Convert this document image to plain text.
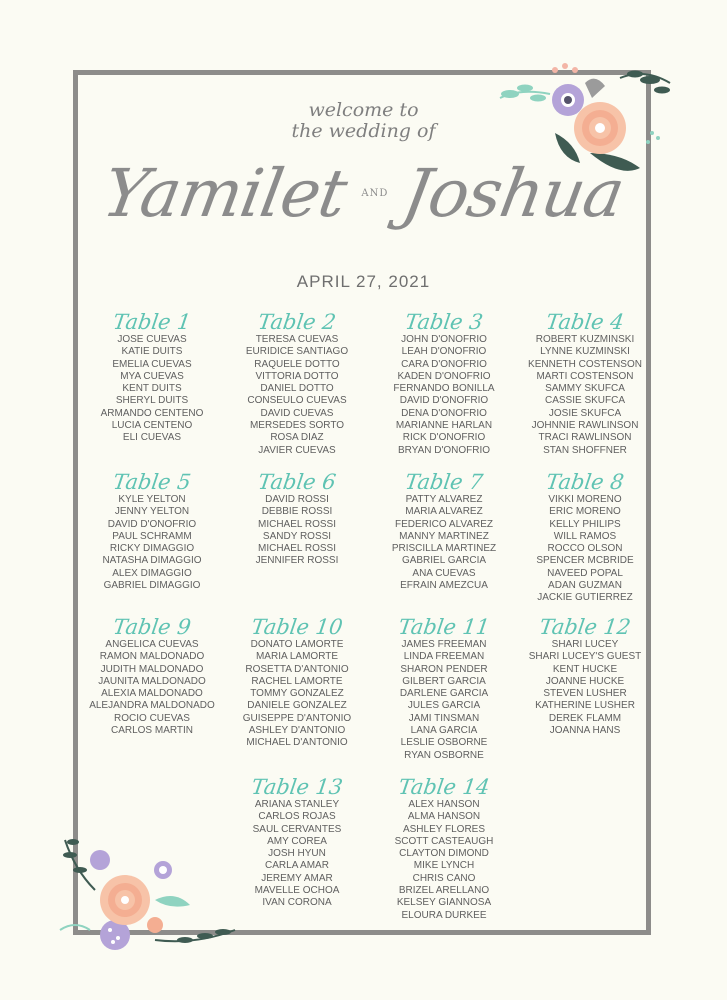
welcome to
the wedding of
Yamilet AND Joshua
APRIL 27, 2021
Table 1
JOSE CUEVAS
KATIE DUITS
EMELIA CUEVAS
MYA CUEVAS
KENT DUITS
SHERYL DUITS
ARMANDO CENTENO
LUCIA CENTENO
ELI CUEVAS
Table 2
TERESA CUEVAS
EURIDICE SANTIAGO
RAQUELE DOTTO
VITTORIA DOTTO
DANIEL DOTTO
CONSEULO CUEVAS
DAVID CUEVAS
MERSEDES SORTO
ROSA DIAZ
JAVIER CUEVAS
Table 3
JOHN D'ONOFRIO
LEAH D'ONOFRIO
CARA D'ONOFRIO
KADEN D'ONOFRIO
FERNANDO BONILLA
DAVID D'ONOFRIO
DENA D'ONOFRIO
MARIANNE HARLAN
RICK D'ONOFRIO
BRYAN D'ONOFRIO
Table 4
ROBERT KUZMINSKI
LYNNE KUZMINSKI
KENNETH COSTENSON
MARTI COSTENSON
SAMMY SKUFCA
CASSIE SKUFCA
JOSIE SKUFCA
JOHNNIE RAWLINSON
TRACI RAWLINSON
STAN SHOFFNER
Table 5
KYLE YELTON
JENNY YELTON
DAVID D'ONOFRIO
PAUL SCHRAMM
RICKY DIMAGGIO
NATASHA DIMAGGIO
ALEX DIMAGGIO
GABRIEL DIMAGGIO
Table 6
DAVID ROSSI
DEBBIE ROSSI
MICHAEL ROSSI
SANDY ROSSI
MICHAEL ROSSI
JENNIFER ROSSI
Table 7
PATTY ALVAREZ
MARIA ALVAREZ
FEDERICO ALVAREZ
MANNY MARTINEZ
PRISCILLA MARTINEZ
GABRIEL GARCIA
ANA CUEVAS
EFRAIN AMEZCUA
Table 8
VIKKI MORENO
ERIC MORENO
KELLY PHILIPS
WILL RAMOS
ROCCO OLSON
SPENCER MCBRIDE
NAVEED POPAL
ADAN GUZMAN
JACKIE GUTIERREZ
Table 9
ANGELICA CUEVAS
RAMON MALDONADO
JUDITH MALDONADO
JAUNITA MALDONADO
ALEXIA MALDONADO
ALEJANDRA MALDONADO
ROCIO CUEVAS
CARLOS MARTIN
Table 10
DONATO LAMORTE
MARIA LAMORTE
ROSETTA D'ANTONIO
RACHEL LAMORTE
TOMMY GONZALEZ
DANIELE GONZALEZ
GUISEPPE D'ANTONIO
ASHLEY D'ANTONIO
MICHAEL D'ANTONIO
Table 11
JAMES FREEMAN
LINDA FREEMAN
SHARON PENDER
GILBERT GARCIA
DARLENE GARCIA
JULES GARCIA
JAMI TINSMAN
LANA GARCIA
LESLIE OSBORNE
RYAN OSBORNE
Table 12
SHARI LUCEY
SHARI LUCEY'S GUEST
KENT HUCKE
JOANNE HUCKE
STEVEN LUSHER
KATHERINE LUSHER
DEREK FLAMM
JOANNA HANS
Table 13
ARIANA STANLEY
CARLOS ROJAS
SAUL CERVANTES
AMY COREA
JOSH HYUN
CARLA AMAR
JEREMY AMAR
MAVELLE OCHOA
IVAN CORONA
Table 14
ALEX HANSON
ALMA HANSON
ASHLEY FLORES
SCOTT CASTEAUGH
CLAYTON DIMOND
MIKE LYNCH
CHRIS CANO
BRIZEL ARELLANO
KELSEY GIANNOSA
ELOURA DURKEE
